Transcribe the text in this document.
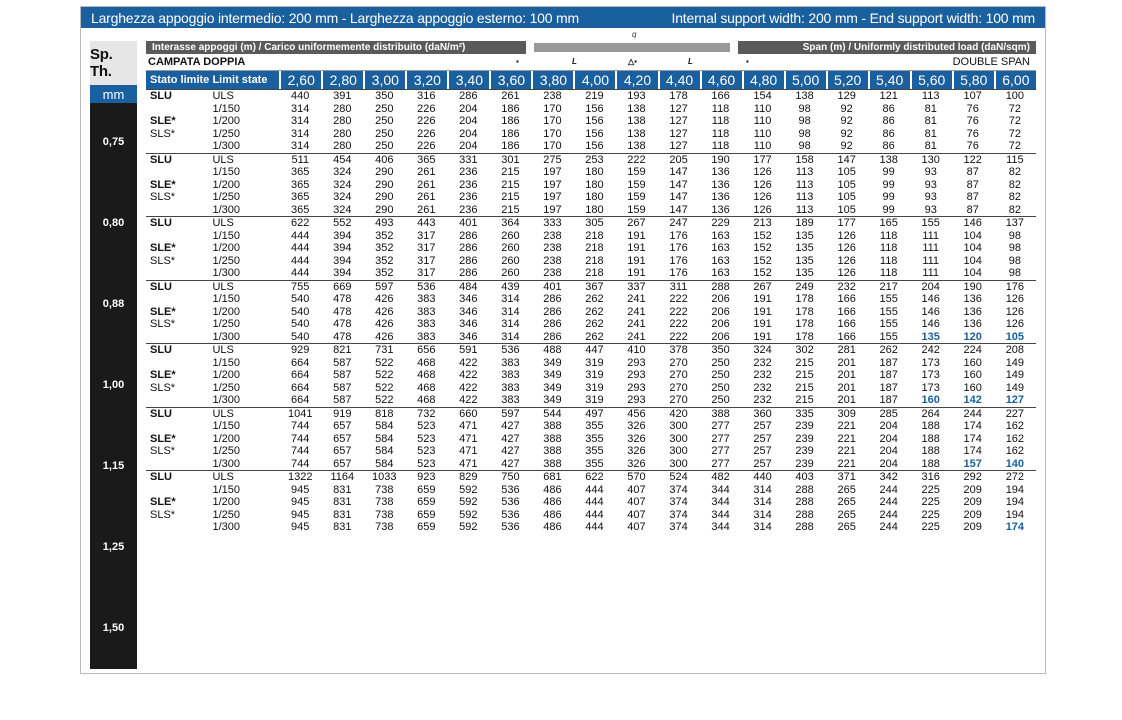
Larghezza appoggio intermedio: 200 mm - Larghezza appoggio esterno: 100 mm	Internal support width: 200 mm - End support width: 100 mm
Sp. Th.
mm
0,75
0,80
0,88
1,00
1,15
1,25
1,50
Interasse appoggi (m) / Carico uniformemente distribuito (daN/m²)
q
Span (m) / Uniformly distributed load (daN/sqm)
CAMPATA DOPPIA	▪	L	△▪	L	▪	DOUBLE SPAN
Stato limite	Limit state	2,60	2,80	3,00	3,20	3,40	3,60	3,80	4,00	4,20	4,40	4,60	4,80	5,00	5,20	5,40	5,60	5,80	6,00
SLU	ULS	440	391	350	316	286	261	238	219	193	178	166	154	138	129	121	113	107	100
	1/150	314	280	250	226	204	186	170	156	138	127	118	110	98	92	86	81	76	72
SLE*	1/200	314	280	250	226	204	186	170	156	138	127	118	110	98	92	86	81	76	72
SLS*	1/250	314	280	250	226	204	186	170	156	138	127	118	110	98	92	86	81	76	72
	1/300	314	280	250	226	204	186	170	156	138	127	118	110	98	92	86	81	76	72
SLU	ULS	511	454	406	365	331	301	275	253	222	205	190	177	158	147	138	130	122	115
	1/150	365	324	290	261	236	215	197	180	159	147	136	126	113	105	99	93	87	82
SLE*	1/200	365	324	290	261	236	215	197	180	159	147	136	126	113	105	99	93	87	82
SLS*	1/250	365	324	290	261	236	215	197	180	159	147	136	126	113	105	99	93	87	82
	1/300	365	324	290	261	236	215	197	180	159	147	136	126	113	105	99	93	87	82
SLU	ULS	622	552	493	443	401	364	333	305	267	247	229	213	189	177	165	155	146	137
	1/150	444	394	352	317	286	260	238	218	191	176	163	152	135	126	118	111	104	98
SLE*	1/200	444	394	352	317	286	260	238	218	191	176	163	152	135	126	118	111	104	98
SLS*	1/250	444	394	352	317	286	260	238	218	191	176	163	152	135	126	118	111	104	98
	1/300	444	394	352	317	286	260	238	218	191	176	163	152	135	126	118	111	104	98
SLU	ULS	755	669	597	536	484	439	401	367	337	311	288	267	249	232	217	204	190	176
	1/150	540	478	426	383	346	314	286	262	241	222	206	191	178	166	155	146	136	126
SLE*	1/200	540	478	426	383	346	314	286	262	241	222	206	191	178	166	155	146	136	126
SLS*	1/250	540	478	426	383	346	314	286	262	241	222	206	191	178	166	155	146	136	126
	1/300	540	478	426	383	346	314	286	262	241	222	206	191	178	166	155	135	120	105
SLU	ULS	929	821	731	656	591	536	488	447	410	378	350	324	302	281	262	242	224	208
	1/150	664	587	522	468	422	383	349	319	293	270	250	232	215	201	187	173	160	149
SLE*	1/200	664	587	522	468	422	383	349	319	293	270	250	232	215	201	187	173	160	149
SLS*	1/250	664	587	522	468	422	383	349	319	293	270	250	232	215	201	187	173	160	149
	1/300	664	587	522	468	422	383	349	319	293	270	250	232	215	201	187	160	142	127
SLU	ULS	1041	919	818	732	660	597	544	497	456	420	388	360	335	309	285	264	244	227
	1/150	744	657	584	523	471	427	388	355	326	300	277	257	239	221	204	188	174	162
SLE*	1/200	744	657	584	523	471	427	388	355	326	300	277	257	239	221	204	188	174	162
SLS*	1/250	744	657	584	523	471	427	388	355	326	300	277	257	239	221	204	188	174	162
	1/300	744	657	584	523	471	427	388	355	326	300	277	257	239	221	204	188	157	140
SLU	ULS	1322	1164	1033	923	829	750	681	622	570	524	482	440	403	371	342	316	292	272
	1/150	945	831	738	659	592	536	486	444	407	374	344	314	288	265	244	225	209	194
SLE*	1/200	945	831	738	659	592	536	486	444	407	374	344	314	288	265	244	225	209	194
SLS*	1/250	945	831	738	659	592	536	486	444	407	374	344	314	288	265	244	225	209	194
	1/300	945	831	738	659	592	536	486	444	407	374	344	314	288	265	244	225	209	174
